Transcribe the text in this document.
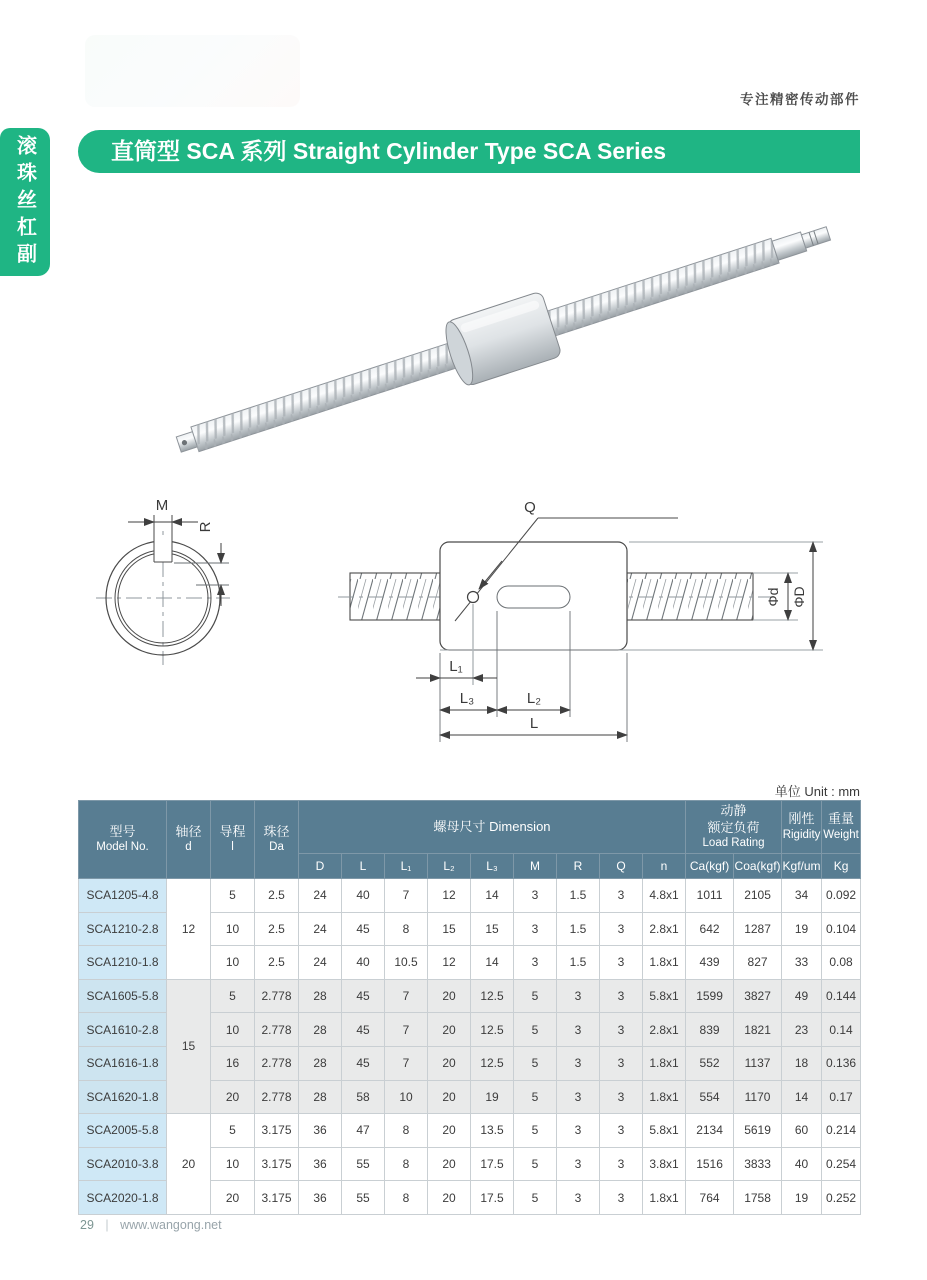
专注精密传动部件
滚珠丝杠副	直筒型 SCA 系列 Straight Cylinder Type SCA Series
M
R
Q
Φd ΦD
L₁
L₃	L₂
L
单位 Unit : mm
型号
Model No.

轴径
d

导程
l

珠径
Da

螺母尺寸 Dimension

动静
额定负荷
Load Rating

刚性
Rigidity

重量
Weight

				D	L	L₁	L₂	L₃	M	R	Q	n	Ca(kgf)	Coa(kgf)	Kgf/um	Kg
SCA1205-4.8	12	5	2.5	24	40	7	12	14	3	1.5	3	4.8x1	1011	2105	34	0.092
SCA1210-2.8		10	2.5	24	45	8	15	15	3	1.5	3	2.8x1	642	1287	19	0.104
SCA1210-1.8		10	2.5	24	40	10.5	12	14	3	1.5	3	1.8x1	439	827	33	0.08
SCA1605-5.8	15	5	2.778	28	45	7	20	12.5	5	3	3	5.8x1	1599	3827	49	0.144
SCA1610-2.8		10	2.778	28	45	7	20	12.5	5	3	3	2.8x1	839	1821	23	0.14
SCA1616-1.8		16	2.778	28	45	7	20	12.5	5	3	3	1.8x1	552	1137	18	0.136
SCA1620-1.8		20	2.778	28	58	10	20	19	5	3	3	1.8x1	554	1170	14	0.17
SCA2005-5.8	20	5	3.175	36	47	8	20	13.5	5	3	3	5.8x1	2134	5619	60	0.214
SCA2010-3.8		10	3.175	36	55	8	20	17.5	5	3	3	3.8x1	1516	3833	40	0.254
SCA2020-1.8		20	3.175	36	55	8	20	17.5	5	3	3	1.8x1	764	1758	19	0.252
29 | www.wangong.net
